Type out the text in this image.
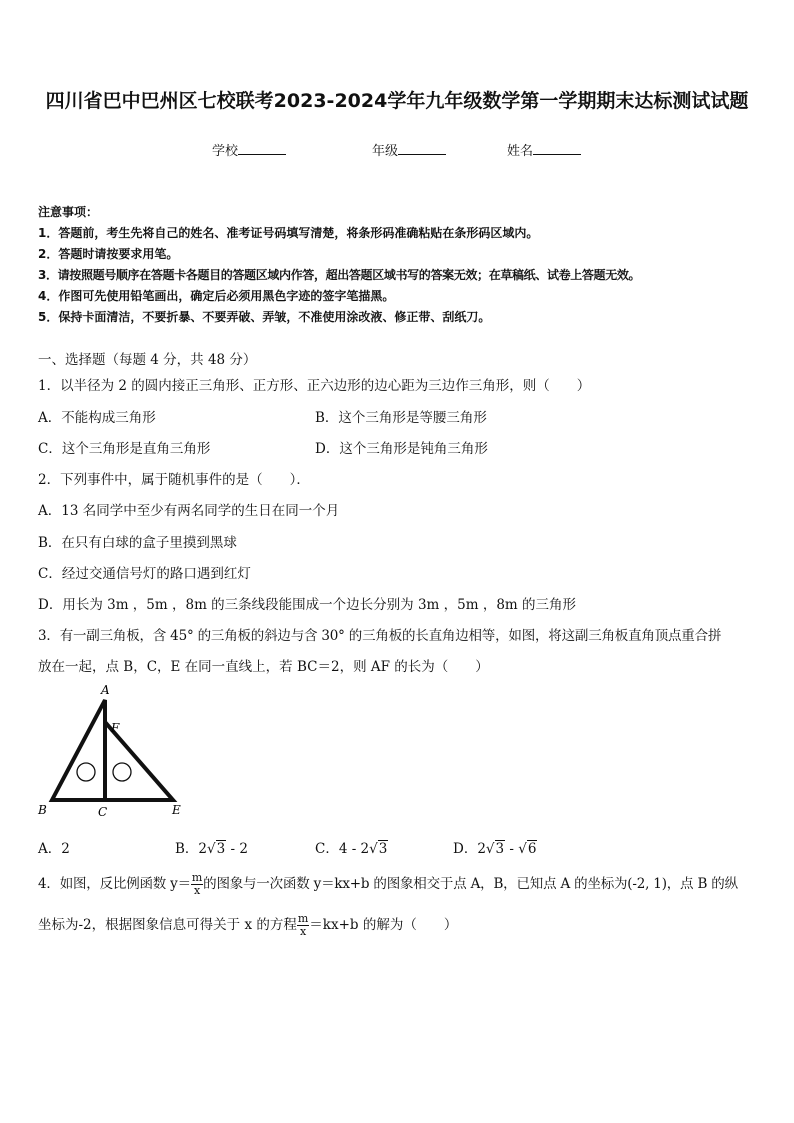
四川省巴中巴州区七校联考2023-2024学年九年级数学第一学期期末达标测试试题
学校	年级	姓名
注意事项：
1．答题前，考生先将自己的姓名、准考证号码填写清楚，将条形码准确粘贴在条形码区域内。
2．答题时请按要求用笔。
3．请按照题号顺序在答题卡各题目的答题区域内作答，超出答题区域书写的答案无效；在草稿纸、试卷上答题无效。
4．作图可先使用铅笔画出，确定后必须用黑色字迹的签字笔描黑。
5．保持卡面清洁，不要折暴、不要弄破、弄皱，不准使用涂改液、修正带、刮纸刀。
一、选择题（每题 4 分，共 48 分）
1．以半径为 2 的圆内接正三角形、正方形、正六边形的边心距为三边作三角形，则（　　）
A．不能构成三角形	B．这个三角形是等腰三角形
C．这个三角形是直角三角形	D．这个三角形是钝角三角形
2．下列事件中，属于随机事件的是（　　）．
A．13 名同学中至少有两名同学的生日在同一个月
B．在只有白球的盒子里摸到黑球
C．经过交通信号灯的路口遇到红灯
D．用长为 3m ，5m ，8m 的三条线段能围成一个边长分别为 3m ，5m ，8m 的三角形
3．有一副三角板，含 45° 的三角板的斜边与含 30° 的三角板的长直角边相等，如图，将这副三角板直角顶点重合拼
放在一起，点 B，C，E 在同一直线上，若 BC＝2，则 AF 的长为（　　）
A
F
B	C	E
A．2	B．2√3 - 2	C．4 - 2√3	D．2√3 - √6
4．如图，反比例函数 $y= \frac{m}{x}$ 的图象与一次函数 y＝kx+b 的图象相交于点 A，B，已知点 A 的坐标为(-2, 1)，点 B 的纵
坐标为-2，根据图象信息可得关于 x 的方程 $\frac{m}{x} =kx+b$ 的解为（　　）
